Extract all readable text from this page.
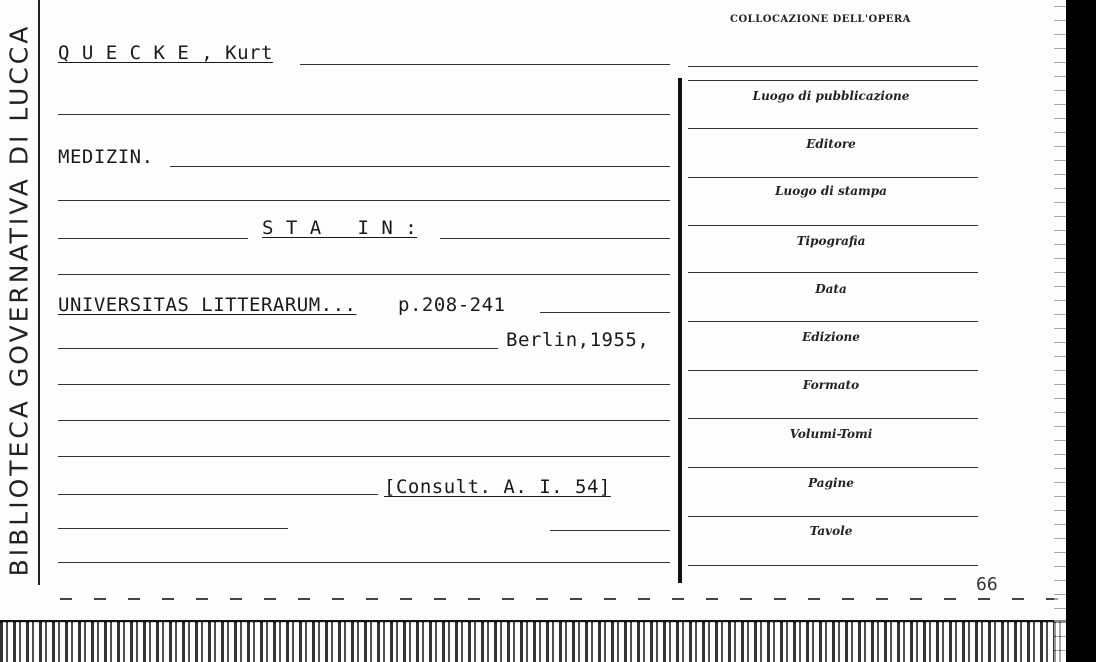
BIBLIOTECA GOVERNATIVA DI LUCCA Q U E C K E , Kurt
MEDIZIN.
S T A   I N :
UNIVERSITAS LITTERARUM... p.208-241
Berlin,1955,
[Consult. A. I. 54]
COLLOCAZIONE DELL'OPERA
Luogo di pubblicazione
Editore
Luogo di stampa
Tipografia
Data
Edizione
Formato
Volumi-Tomi
Pagine
Tavole
66
